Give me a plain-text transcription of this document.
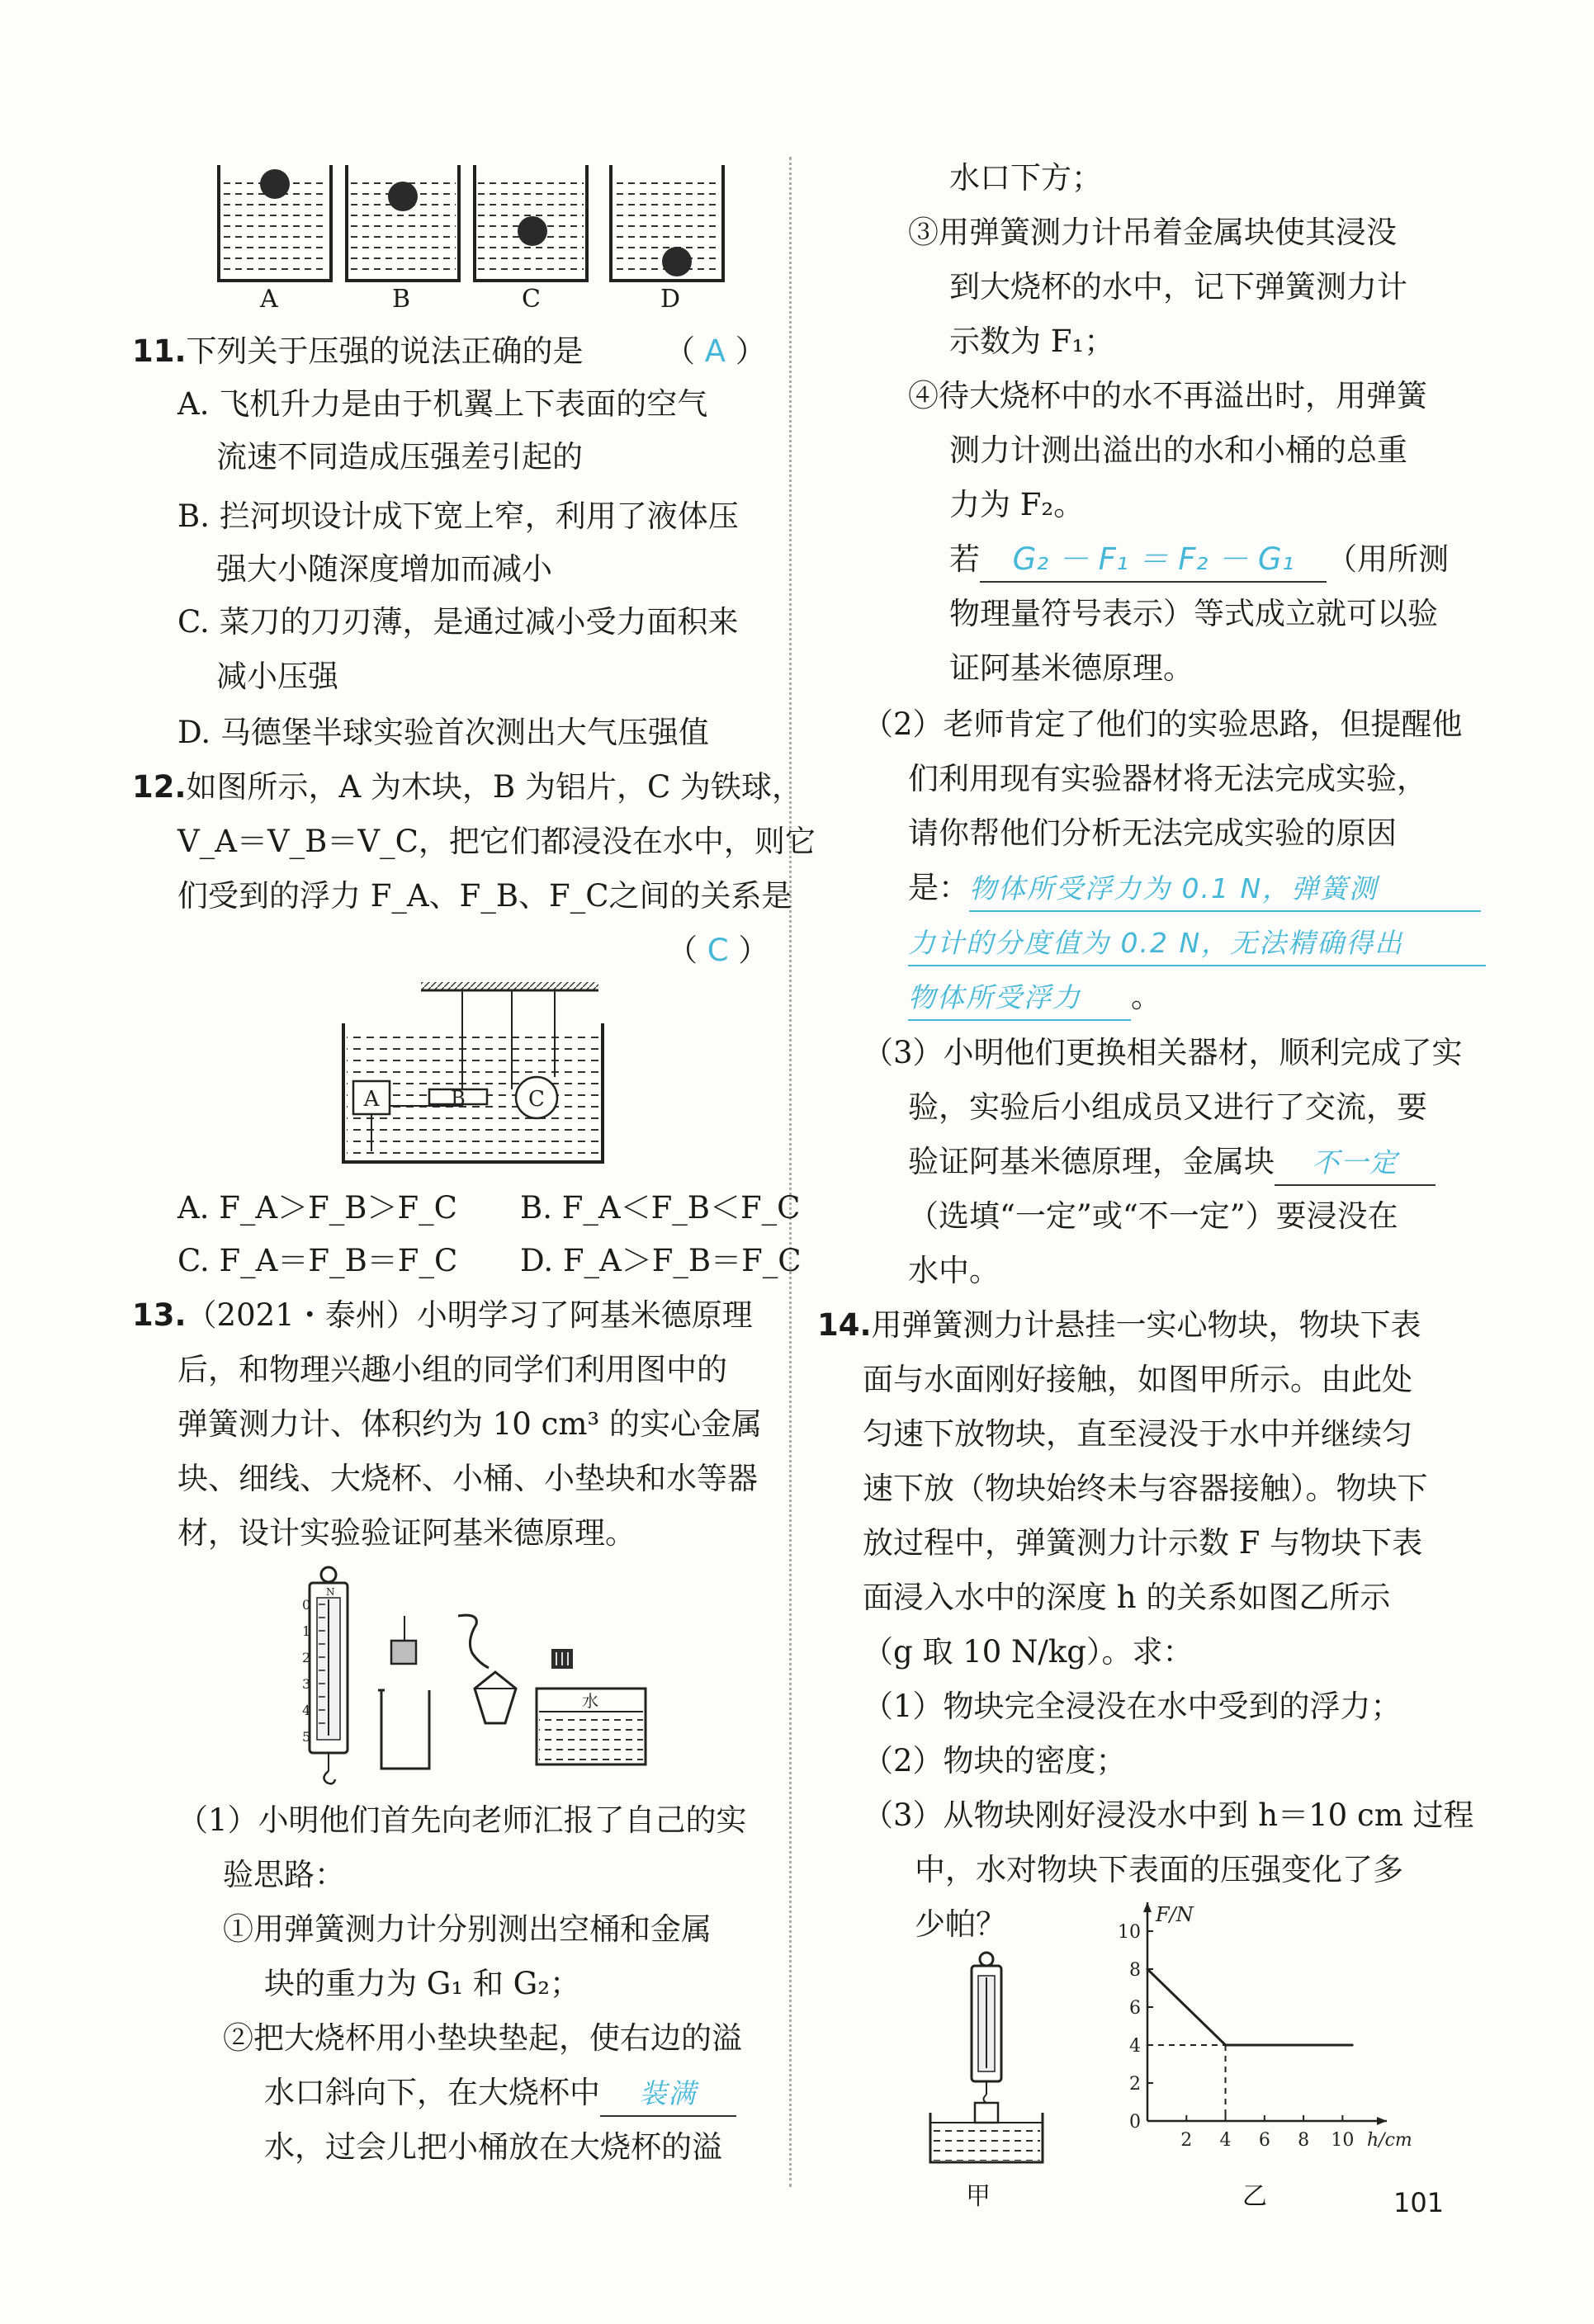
A	B	C	D
11.下列关于压强的说法正确的是	（ A ）
A. 飞机升力是由于机翼上下表面的空气
流速不同造成压强差引起的
B. 拦河坝设计成下宽上窄，利用了液体压
强大小随深度增加而减小
C. 菜刀的刀刃薄，是通过减小受力面积来
减小压强
D. 马德堡半球实验首次测出大气压强值
12.如图所示，A 为木块，B 为铝片，C 为铁球，
V_A＝V_B＝V_C，把它们都浸没在水中，则它
们受到的浮力 F_A、F_B、F_C之间的关系是
（ C ）
A	B	C
A. F_A＞F_B＞F_C B. F_A＜F_B＜F_C
C. F_A＝F_B＝F_C D. F_A＞F_B＝F_C
13.（2021・泰州）小明学习了阿基米德原理
后，和物理兴趣小组的同学们利用图中的
弹簧测力计、体积约为 10 cm³ 的实心金属
块、细线、大烧杯、小桶、小垫块和水等器
材，设计实验验证阿基米德原理。
N
0
1
2
3
4
5
水
（1）小明他们首先向老师汇报了自己的实
验思路：
①用弹簧测力计分别测出空桶和金属
块的重力为 G₁ 和 G₂；
②把大烧杯用小垫块垫起，使右边的溢
水口斜向下，在大烧杯中 装满
水，过会儿把小桶放在大烧杯的溢
水口下方；
③用弹簧测力计吊着金属块使其浸没
到大烧杯的水中，记下弹簧测力计
示数为 F₁；
④待大烧杯中的水不再溢出时，用弹簧
测力计测出溢出的水和小桶的总重
力为 F₂。
若 G₂ － F₁ ＝ F₂ － G₁ （用所测
物理量符号表示）等式成立就可以验
证阿基米德原理。
（2）老师肯定了他们的实验思路，但提醒他
们利用现有实验器材将无法完成实验，
请你帮他们分析无法完成实验的原因
是：物体所受浮力为 0.1 N，弹簧测
力计的分度值为 0.2 N，无法精确得出
物体所受浮力 。
（3）小明他们更换相关器材，顺利完成了实
验，实验后小组成员又进行了交流，要
验证阿基米德原理，金属块 不一定
（选填“一定”或“不一定”）要浸没在
水中。
14.用弹簧测力计悬挂一实心物块，物块下表
面与水面刚好接触，如图甲所示。由此处
匀速下放物块，直至浸没于水中并继续匀
速下放（物块始终未与容器接触）。物块下
放过程中，弹簧测力计示数 F 与物块下表
面浸入水中的深度 h 的关系如图乙所示
（g 取 10 N/kg）。求：
（1）物块完全浸没在水中受到的浮力；
（2）物块的密度；
（3）从物块刚好浸没水中到 h＝10 cm 过程
中，水对物块下表面的压强变化了多
少帕？
甲
F/N
h/cm
0
2
4
6
8
10
2 4 6 8 10
乙	101
